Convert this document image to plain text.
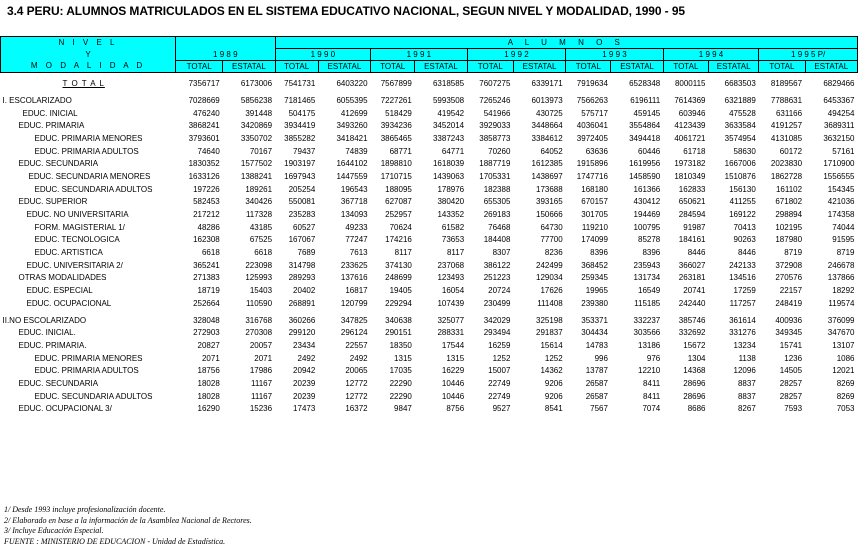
3.4 PERU: ALUMNOS MATRICULADOS EN EL SISTEMA EDUCATIVO NACIONAL, SEGUN NIVEL Y MODALIDAD, 1990 - 95
N I V E L	1 9 8 9		A L U M N O S											
Y			1 9 9 0		1 9 9 1		1 9 9 2		1 9 9 3		1 9 9 4		1 9 9 5 P/	
M O D A L I D A D	TOTAL	ESTATAL	TOTAL	ESTATAL	TOTAL	ESTATAL	TOTAL	ESTATAL	TOTAL	ESTATAL	TOTAL	ESTATAL	TOTAL	ESTATAL
T O T A L	7356717	6173006	7541731	6403220	7567899	6318585	7607275	6339171	7919634	6528348	8000115	6683503	8189567	6829466
I. ESCOLARIZADO	7028669	5856238	7181465	6055395	7227261	5993508	7265246	6013973	7566263	6196111	7614369	6321889	7788631	6453367
EDUC. INICIAL	476240	391448	504175	412699	518429	419542	541966	430725	575717	459145	603946	475528	631166	494254
EDUC. PRIMARIA	3868241	3420869	3934419	3493260	3934236	3452014	3929033	3448664	4036041	3554864	4123439	3633584	4191257	3689311
EDUC. PRIMARIA MENORES	3793601	3350702	3855282	3418421	3865465	3387243	3858773	3384612	3972405	3494418	4061721	3574954	4131085	3632150
EDUC. PRIMARIA ADULTOS	74640	70167	79437	74839	68771	64771	70260	64052	63636	60446	61718	58630	60172	57161
EDUC. SECUNDARIA	1830352	1577502	1903197	1644102	1898810	1618039	1887719	1612385	1915896	1619956	1973182	1667006	2023830	1710900
EDUC. SECUNDARIA MENORES	1633126	1388241	1697943	1447559	1710715	1439063	1705331	1438697	1747716	1458590	1810349	1510876	1862728	1556555
EDUC. SECUNDARIA ADULTOS	197226	189261	205254	196543	188095	178976	182388	173688	168180	161366	162833	156130	161102	154345
EDUC. SUPERIOR	582453	340426	550081	367718	627087	380420	655305	393165	670157	430412	650621	411255	671802	421036
EDUC. NO UNIVERSITARIA	217212	117328	235283	134093	252957	143352	269183	150666	301705	194469	284594	169122	298894	174358
FORM. MAGISTERIAL 1/	48286	43185	60527	49233	70624	61582	76468	64730	119210	100795	91987	70413	102195	74044
EDUC. TECNOLOGICA	162308	67525	167067	77247	174216	73653	184408	77700	174099	85278	184161	90263	187980	91595
EDUC. ARTISTICA	6618	6618	7689	7613	8117	8117	8307	8236	8396	8396	8446	8446	8719	8719
EDUC. UNIVERSITARIA 2/	365241	223098	314798	233625	374130	237068	386122	242499	368452	235943	366027	242133	372908	246678
OTRAS MODALIDADES	271383	125993	289293	137616	248699	123493	251223	129034	259345	131734	263181	134516	270576	137866
EDUC. ESPECIAL	18719	15403	20402	16817	19405	16054	20724	17626	19965	16549	20741	17259	22157	18292
EDUC. OCUPACIONAL	252664	110590	268891	120799	229294	107439	230499	111408	239380	115185	242440	117257	248419	119574

II.NO ESCOLARIZADO	328048	316768	360266	347825	340638	325077	342029	325198	353371	332237	385746	361614	400936	376099
EDUC. INICIAL.	272903	270308	299120	296124	290151	288331	293494	291837	304434	303566	332692	331276	349345	347670
EDUC. PRIMARIA.	20827	20057	23434	22557	18350	17544	16259	15614	14783	13186	15672	13234	15741	13107
EDUC. PRIMARIA MENORES	2071	2071	2492	2492	1315	1315	1252	1252	996	976	1304	1138	1236	1086
EDUC. PRIMARIA ADULTOS	18756	17986	20942	20065	17035	16229	15007	14362	13787	12210	14368	12096	14505	12021
EDUC. SECUNDARIA	18028	11167	20239	12772	22290	10446	22749	9206	26587	8411	28696	8837	28257	8269
EDUC. SECUNDARIA ADULTOS	18028	11167	20239	12772	22290	10446	22749	9206	26587	8411	28696	8837	28257	8269
EDUC. OCUPACIONAL 3/	16290	15236	17473	16372	9847	8756	9527	8541	7567	7074	8686	8267	7593	7053
1/ Desde 1993 incluye profesionalización docente.
2/ Elaborado en base a la información de la Asamblea Nacional de Rectores.
3/ Incluye Educación Especial.
FUENTE : MINISTERIO DE EDUCACION - Unidad de Estadística.
